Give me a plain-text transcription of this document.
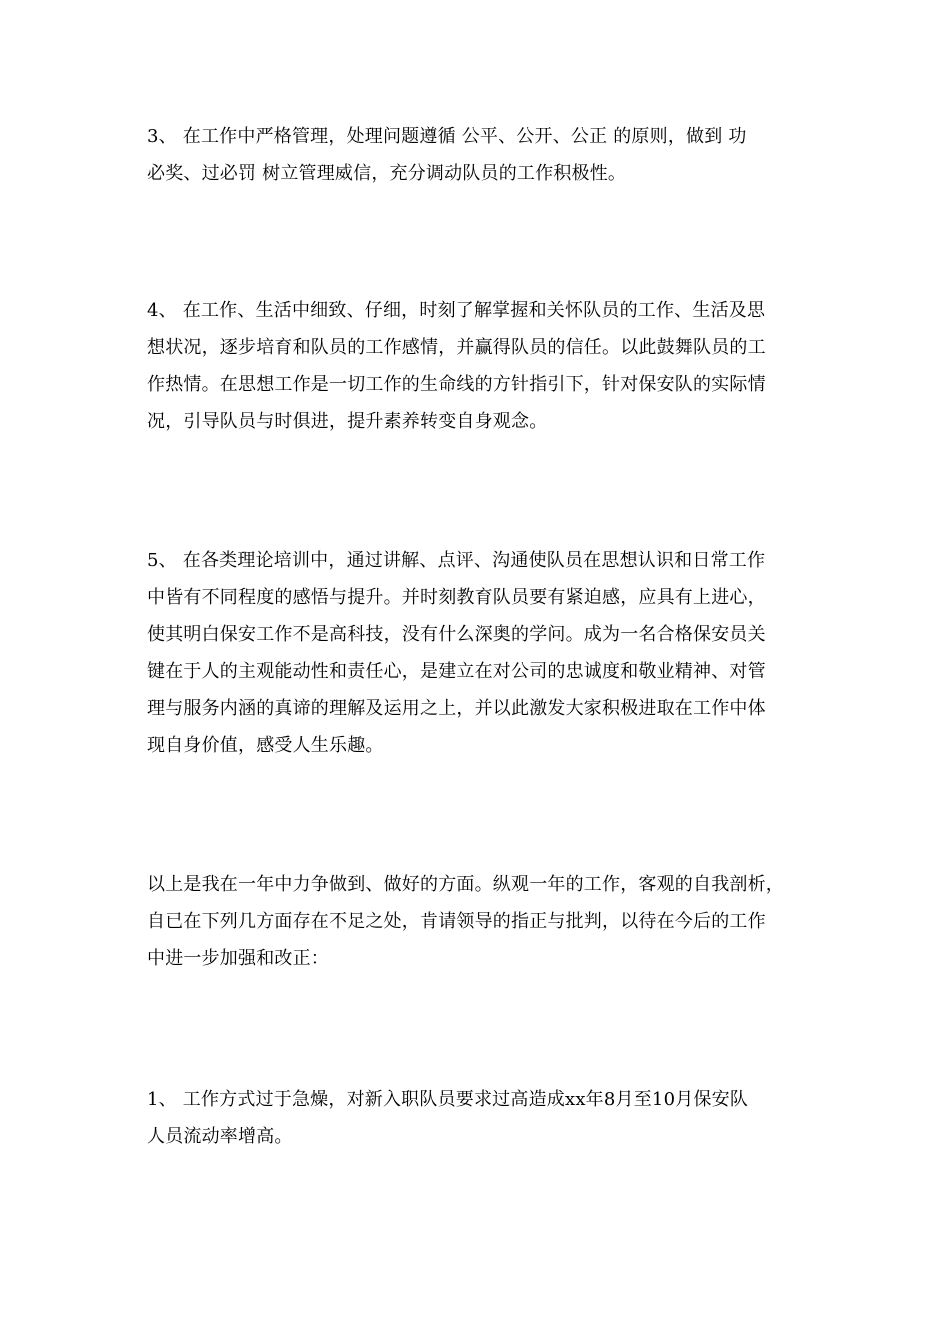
3、 在工作中严格管理，处理问题遵循 公平、公开、公正 的原则，做到 功
必奖、过必罚 树立管理威信，充分调动队员的工作积极性。
4、 在工作、生活中细致、仔细，时刻了解掌握和关怀队员的工作、生活及思
想状况，逐步培育和队员的工作感情，并赢得队员的信任。以此鼓舞队员的工
作热情。在思想工作是一切工作的生命线的方针指引下，针对保安队的实际情
况，引导队员与时俱进，提升素养转变自身观念。
5、 在各类理论培训中，通过讲解、点评、沟通使队员在思想认识和日常工作
中皆有不同程度的感悟与提升。并时刻教育队员要有紧迫感，应具有上进心，
使其明白保安工作不是高科技，没有什么深奥的学问。成为一名合格保安员关
键在于人的主观能动性和责任心，是建立在对公司的忠诚度和敬业精神、对管
理与服务内涵的真谛的理解及运用之上，并以此激发大家积极进取在工作中体
现自身价值，感受人生乐趣。
以上是我在一年中力争做到、做好的方面。纵观一年的工作，客观的自我剖析，
自已在下列几方面存在不足之处，肯请领导的指正与批判，以待在今后的工作
中进一步加强和改正：
1、 工作方式过于急燥，对新入职队员要求过高造成xx年8月至10月保安队
人员流动率增高。
